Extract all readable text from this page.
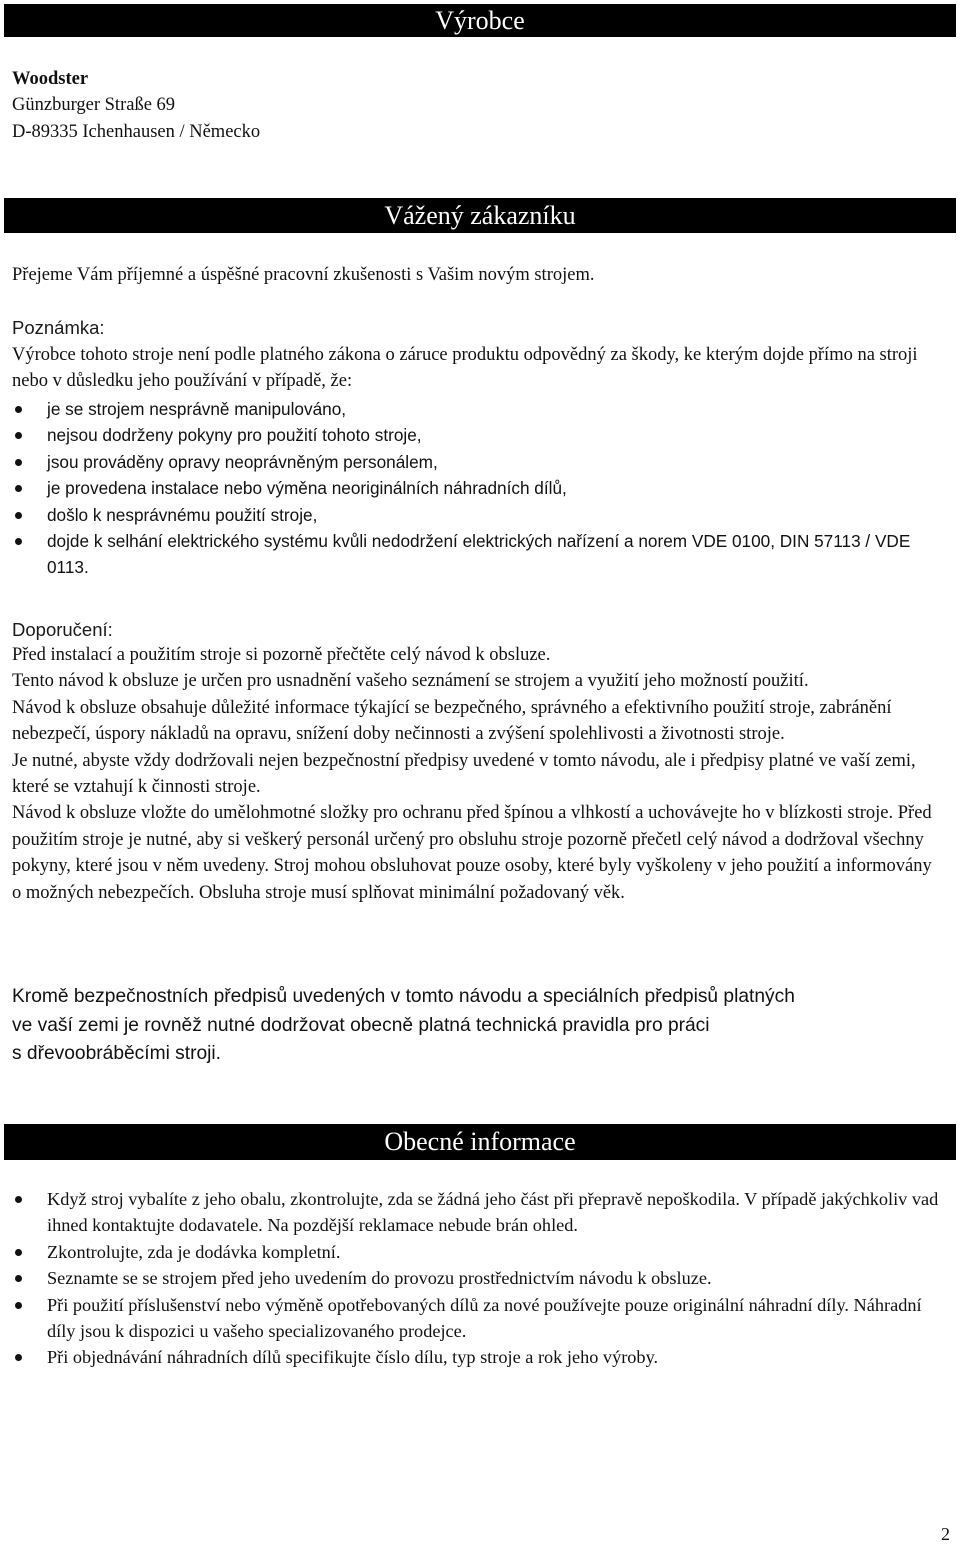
Výrobce
Woodster
Günzburger Straße 69
D-89335 Ichenhausen / Německo
Vážený zákazníku

Přejeme Vám příjemné a úspěšné pracovní zkušenosti s Vašim novým strojem.

Poznámka:

Výrobce tohoto stroje není podle platného zákona o záruce produktu odpovědný za škody, ke kterým dojde přímo na stroji nebo v důsledku jeho používání v případě, že:

je se strojem nesprávně manipulováno,
nejsou dodrženy pokyny pro použití tohoto stroje,
jsou prováděny opravy neoprávněným personálem,
je provedena instalace nebo výměna neoriginálních náhradních dílů,
došlo k nesprávnému použití stroje,
dojde k selhání elektrického systému kvůli nedodržení elektrických nařízení a norem VDE 0100, DIN 57113 / VDE 0113.

Doporučení:

Před instalací a použitím stroje si pozorně přečtěte celý návod k obsluze.
Tento návod k obsluze je určen pro usnadnění vašeho seznámení se strojem a využití jeho možností použití.
Návod k obsluze obsahuje důležité informace týkající se bezpečného, správného a efektivního použití stroje, zabránění nebezpečí, úspory nákladů na opravu, snížení doby nečinnosti a zvýšení spolehlivosti a životnosti stroje.
Je nutné, abyste vždy dodržovali nejen bezpečnostní předpisy uvedené v tomto návodu, ale i předpisy platné ve vaší zemi, které se vztahují k činnosti stroje.
Návod k obsluze vložte do umělohmotné složky pro ochranu před špínou a vlhkostí a uchovávejte ho v blízkosti stroje. Před použitím stroje je nutné, aby si veškerý personál určený pro obsluhu stroje pozorně přečetl celý návod a dodržoval všechny pokyny, které jsou v něm uvedeny. Stroj mohou obsluhovat pouze osoby, které byly vyškoleny v jeho použití a informovány o možných nebezpečích. Obsluha stroje musí splňovat minimální požadovaný věk.
Kromě bezpečnostních předpisů uvedených v tomto návodu a speciálních předpisů platných
ve vaší zemi je rovněž nutné dodržovat obecně platná technická pravidla pro práci
s dřevoobráběcími stroji.
Obecné informace
Když stroj vybalíte z jeho obalu, zkontrolujte, zda se žádná jeho část při přepravě nepoškodila. V případě jakýchkoliv vad ihned kontaktujte dodavatele. Na pozdější reklamace nebude brán ohled.
Zkontrolujte, zda je dodávka kompletní.
Seznamte se se strojem před jeho uvedením do provozu prostřednictvím návodu k obsluze.
Při použití příslušenství nebo výměně opotřebovaných dílů za nové používejte pouze originální náhradní díly. Náhradní díly jsou k dispozici u vašeho specializovaného prodejce.
Při objednávání náhradních dílů specifikujte číslo dílu, typ stroje a rok jeho výroby.
2
